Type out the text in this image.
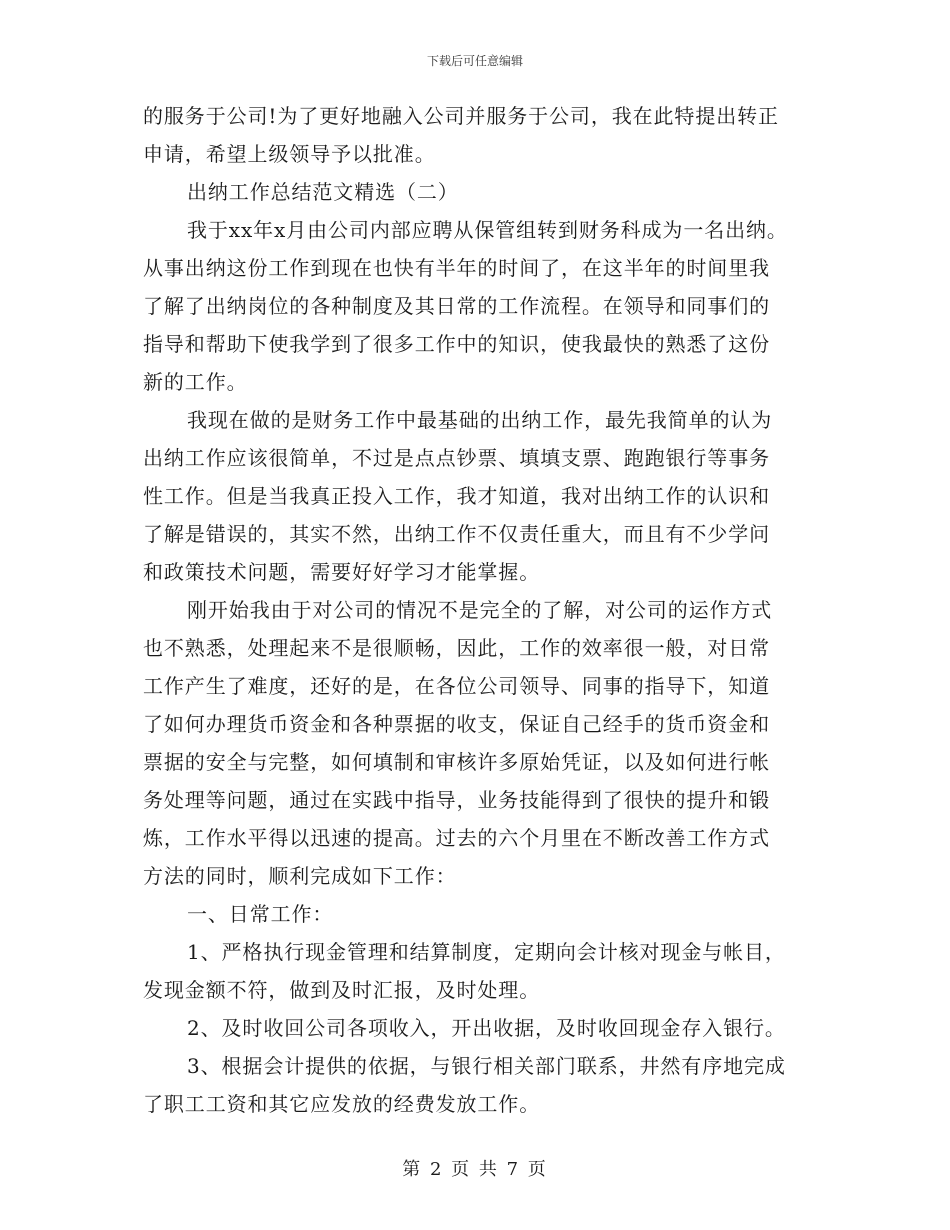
下载后可任意编辑
的服务于公司!为了更好地融入公司并服务于公司，我在此特提出转正
申请，希望上级领导予以批准。
出纳工作总结范文精选（二）
我于xx年x月由公司内部应聘从保管组转到财务科成为一名出纳。
从事出纳这份工作到现在也快有半年的时间了，在这半年的时间里我
了解了出纳岗位的各种制度及其日常的工作流程。在领导和同事们的
指导和帮助下使我学到了很多工作中的知识，使我最快的熟悉了这份
新的工作。
我现在做的是财务工作中最基础的出纳工作，最先我简单的认为
出纳工作应该很简单，不过是点点钞票、填填支票、跑跑银行等事务
性工作。但是当我真正投入工作，我才知道，我对出纳工作的认识和
了解是错误的，其实不然，出纳工作不仅责任重大，而且有不少学问
和政策技术问题，需要好好学习才能掌握。
刚开始我由于对公司的情况不是完全的了解，对公司的运作方式
也不熟悉，处理起来不是很顺畅，因此，工作的效率很一般，对日常
工作产生了难度，还好的是，在各位公司领导、同事的指导下，知道
了如何办理货币资金和各种票据的收支，保证自己经手的货币资金和
票据的安全与完整，如何填制和审核许多原始凭证，以及如何进行帐
务处理等问题，通过在实践中指导，业务技能得到了很快的提升和锻
炼，工作水平得以迅速的提高。过去的六个月里在不断改善工作方式
方法的同时，顺利完成如下工作：
一、日常工作：
1、严格执行现金管理和结算制度，定期向会计核对现金与帐目，
发现金额不符，做到及时汇报，及时处理。
2、及时收回公司各项收入，开出收据，及时收回现金存入银行。
3、根据会计提供的依据，与银行相关部门联系，井然有序地完成
了职工工资和其它应发放的经费发放工作。
第 2 页 共 7 页
